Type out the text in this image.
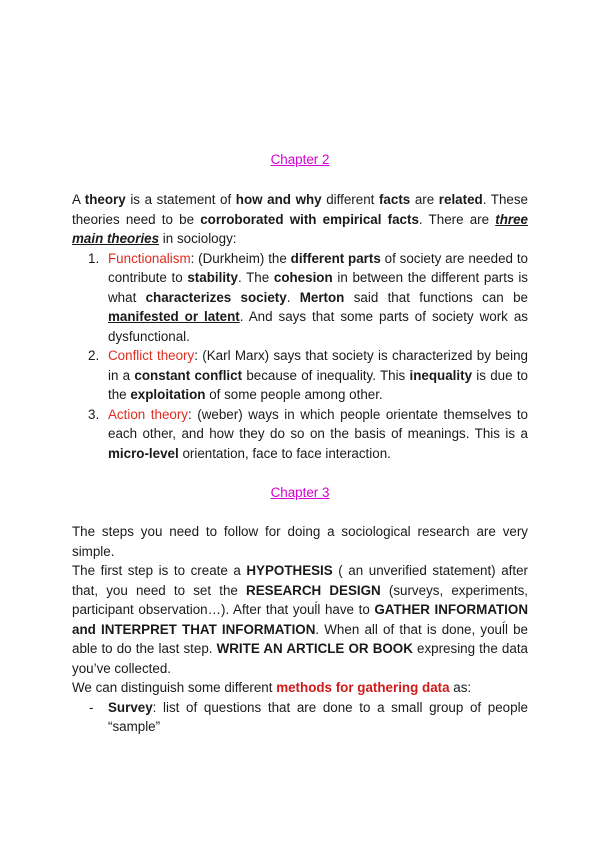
Chapter 2

A theory is a statement of how and why different facts are related. These theories need to be corroborated with empirical facts. There are three main theories in sociology:

1. Functionalism: (Durkheim) the different parts of society are needed to contribute to stability. The cohesion in between the different parts is what characterizes society. Merton said that functions can be manifested or latent. And says that some parts of society work as dysfunctional.
2. Conflict theory: (Karl Marx) says that society is characterized by being in a constant conflict because of inequality. This inequality is due to the exploitation of some people among other.
3. Action theory: (weber) ways in which people orientate themselves to each other, and how they do so on the basis of meanings. This is a micro-level orientation, face to face interaction.
Chapter 3

The steps you need to follow for doing a sociological research are very simple.

The first step is to create a HYPOTHESIS ( an unverified statement) after that, you need to set the RESEARCH DESIGN (surveys, experiments, participant observation…). After that youĺl have to GATHER INFORMATION and INTERPRET THAT INFORMATION. When all of that is done, youĺl be able to do the last step. WRITE AN ARTICLE OR BOOK expresing the data you’ve collected.

We can distinguish some different methods for gathering data as:

- Survey: list of questions that are done to a small group of people “sample”
